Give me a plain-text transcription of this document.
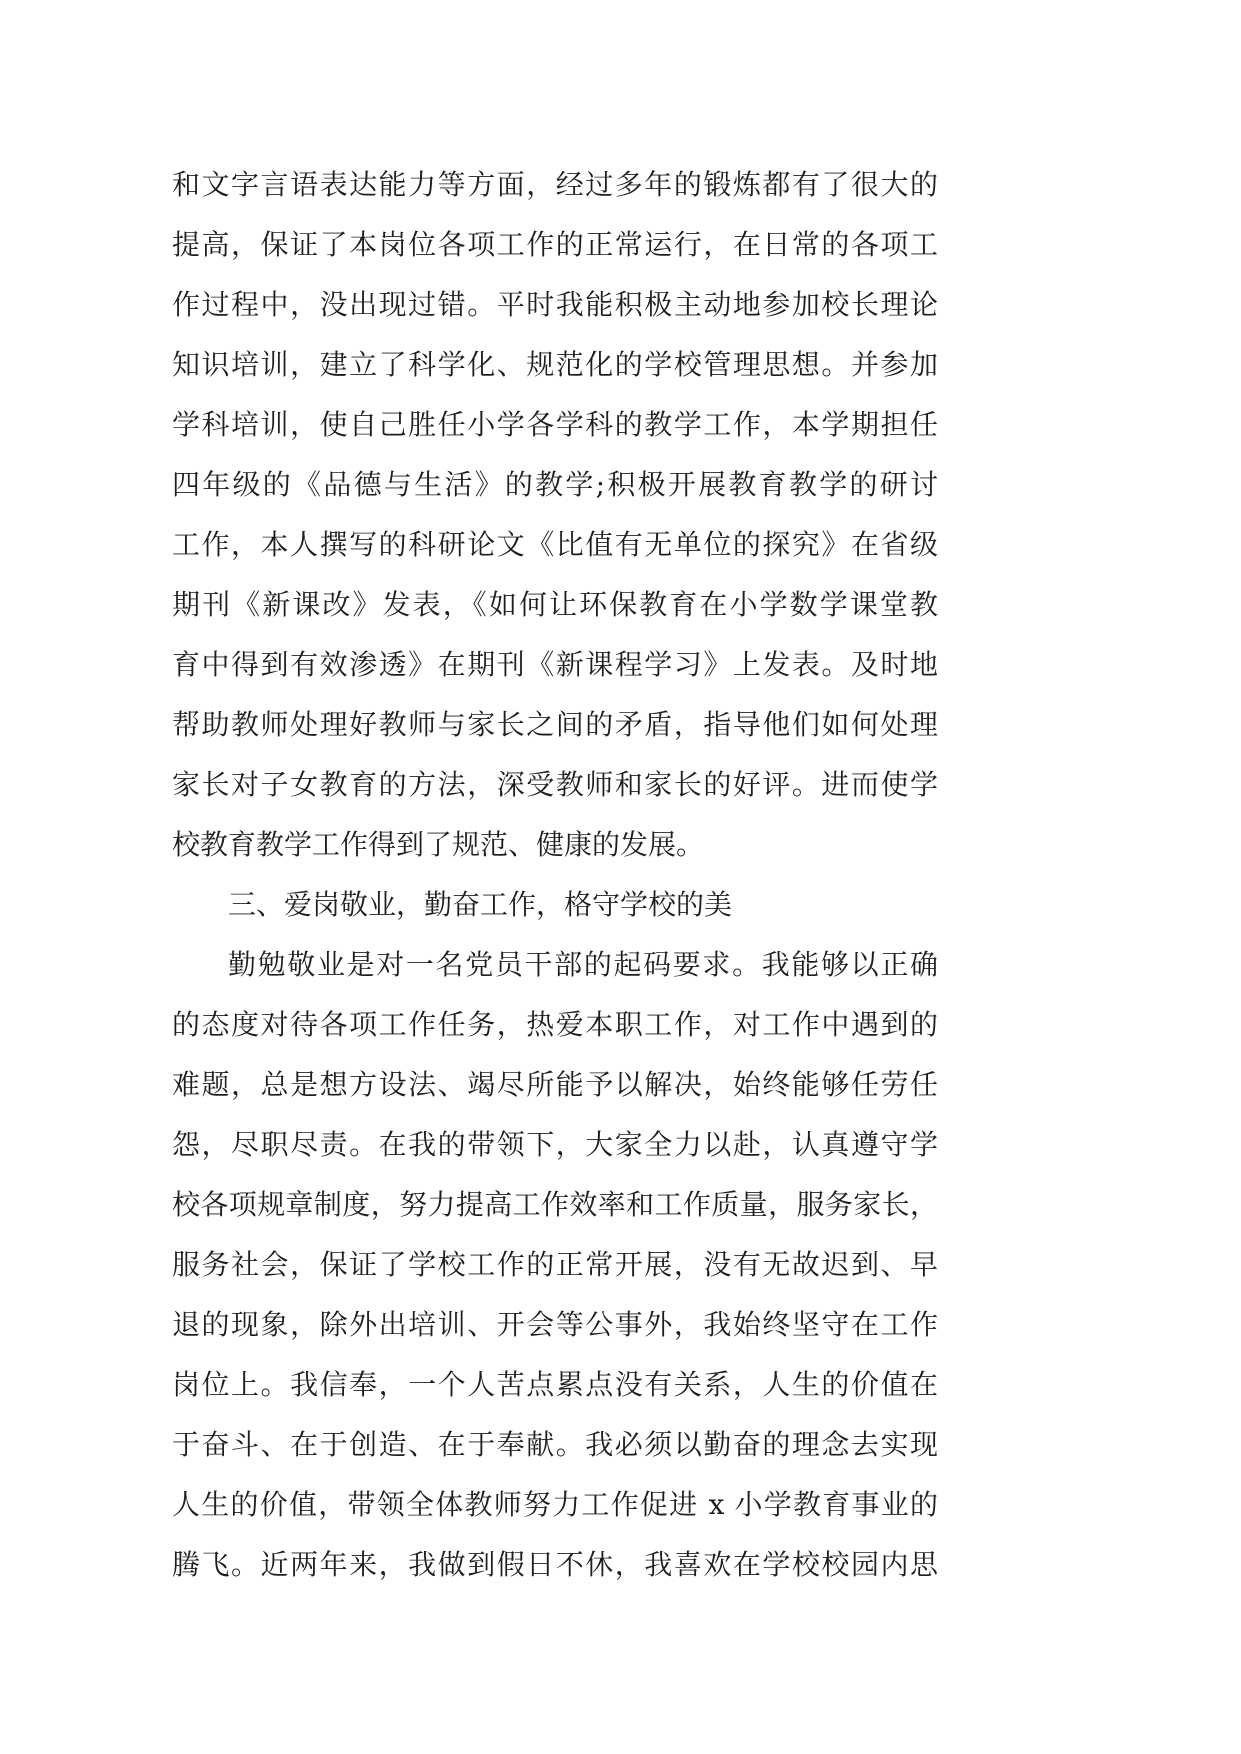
和文字言语表达能力等方面，经过多年的锻炼都有了很大的
提高，保证了本岗位各项工作的正常运行，在日常的各项工
作过程中，没出现过错。平时我能积极主动地参加校长理论
知识培训，建立了科学化、规范化的学校管理思想。并参加
学科培训，使自己胜任小学各学科的教学工作，本学期担任
四年级的《品德与生活》的教学;积极开展教育教学的研讨
工作，本人撰写的科研论文《比值有无单位的探究》在省级
期刊《新课改》发表，《如何让环保教育在小学数学课堂教
育中得到有效渗透》在期刊《新课程学习》上发表。及时地
帮助教师处理好教师与家长之间的矛盾，指导他们如何处理
家长对子女教育的方法，深受教师和家长的好评。进而使学
校教育教学工作得到了规范、健康的发展。
三、爱岗敬业，勤奋工作，格守学校的美
勤勉敬业是对一名党员干部的起码要求。我能够以正确
的态度对待各项工作任务，热爱本职工作，对工作中遇到的
难题，总是想方设法、竭尽所能予以解决，始终能够任劳任
怨，尽职尽责。在我的带领下，大家全力以赴，认真遵守学
校各项规章制度，努力提高工作效率和工作质量，服务家长，
服务社会，保证了学校工作的正常开展，没有无故迟到、早
退的现象，除外出培训、开会等公事外，我始终坚守在工作
岗位上。我信奉，一个人苦点累点没有关系，人生的价值在
于奋斗、在于创造、在于奉献。我必须以勤奋的理念去实现
人生的价值，带领全体教师努力工作促进 x 小学教育事业的
腾飞。近两年来，我做到假日不休，我喜欢在学校校园内思
